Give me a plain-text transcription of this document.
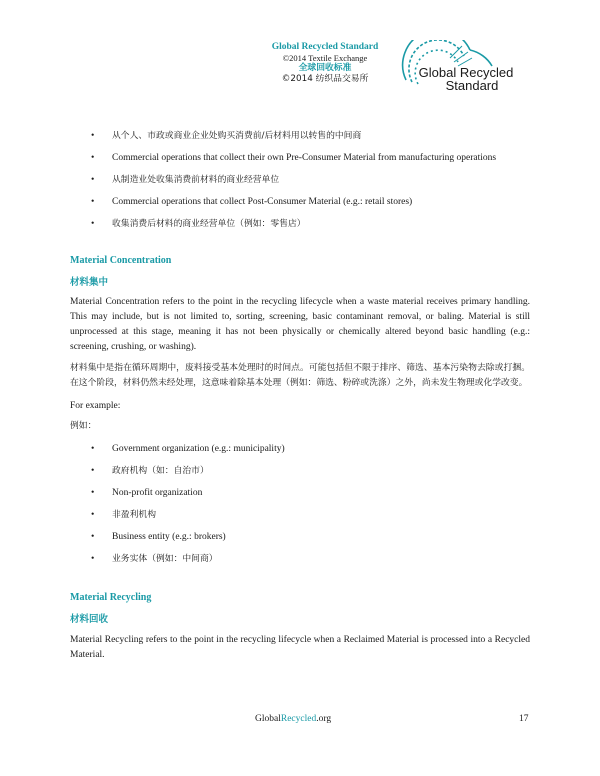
Global Recycled Standard
©2014 Textile Exchange
全球回收标准
©2014 纺织品交易所	Global Recycled
Standard
• 从个人、市政或商业企业处购买消费前/后材料用以转售的中间商
• Commercial operations that collect their own Pre-Consumer Material from manufacturing operations
• 从制造业处收集消费前材料的商业经营单位
• Commercial operations that collect Post-Consumer Material (e.g.: retail stores)
• 收集消费后材料的商业经营单位（例如：零售店）

Material Concentration

材料集中

Material Concentration refers to the point in the recycling lifecycle when a waste material receives primary handling. This may include, but is not limited to, sorting, screening, basic contaminant removal, or baling. Material is still unprocessed at this stage, meaning it has not been physically or chemically altered beyond basic handling (e.g.: screening, crushing, or washing).

材料集中是指在循环周期中，废料接受基本处理时的时间点。可能包括但不限于排序、筛选、基本污染物去除或打捆。在这个阶段，材料仍然未经处理，这意味着除基本处理（例如：筛选、粉碎或洗涤）之外，尚未发生物理或化学改变。

For example:

例如：

• Government organization (e.g.: municipality)
• 政府机构（如：自治市）
• Non-profit organization
• 非盈利机构
• Business entity (e.g.: brokers)
• 业务实体（例如：中间商）

Material Recycling

材料回收

Material Recycling refers to the point in the recycling lifecycle when a Reclaimed Material is processed into a Recycled Material.

GlobalRecycled.org	17
